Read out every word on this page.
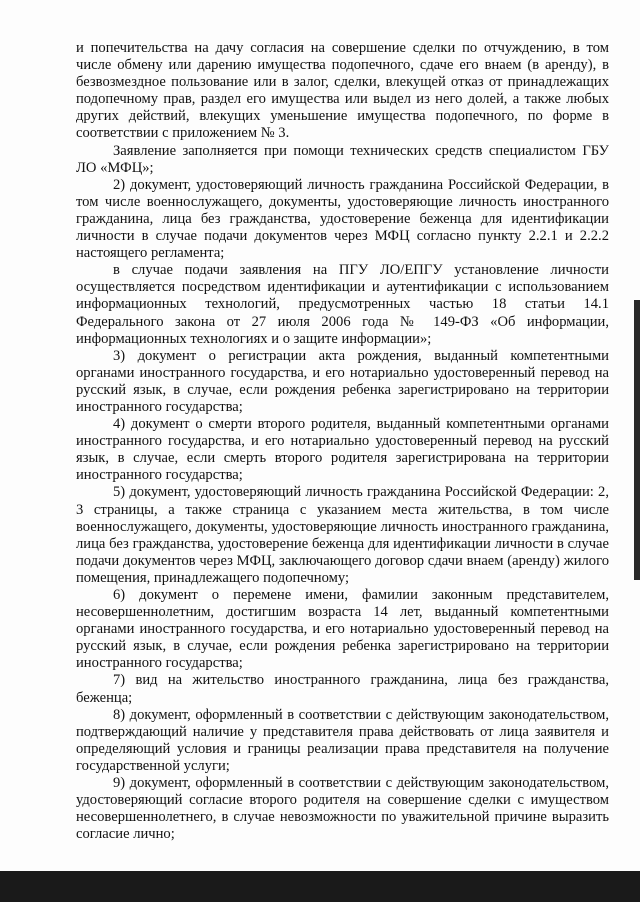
и попечительства на дачу согласия на совершение сделки по отчуждению, в том числе обмену или дарению имущества подопечного, сдаче его внаем (в аренду), в безвозмездное пользование или в залог, сделки, влекущей отказ от принадлежащих подопечному прав, раздел его имущества или выдел из него долей, а также любых других действий, влекущих уменьшение имущества подопечного, по форме в соответствии с приложением № 3.

Заявление заполняется при помощи технических средств специалистом ГБУ ЛО «МФЦ»;

2) документ, удостоверяющий личность гражданина Российской Федерации, в том числе военнослужащего, документы, удостоверяющие личность иностранного гражданина, лица без гражданства, удостоверение беженца для идентификации личности в случае подачи документов через МФЦ согласно пункту 2.2.1 и 2.2.2 настоящего регламента;

в случае подачи заявления на ПГУ ЛО/ЕПГУ установление личности осуществляется посредством идентификации и аутентификации с использованием информационных технологий, предусмотренных частью 18 статьи 14.1 Федерального закона от 27 июля 2006 года № 149-ФЗ «Об информации, информационных технологиях и о защите информации»;

3) документ о регистрации акта рождения, выданный компетентными органами иностранного государства, и его нотариально удостоверенный перевод на русский язык, в случае, если рождения ребенка зарегистрировано на территории иностранного государства;

4) документ о смерти второго родителя, выданный компетентными органами иностранного государства, и его нотариально удостоверенный перевод на русский язык, в случае, если смерть второго родителя зарегистрирована на территории иностранного государства;

5) документ, удостоверяющий личность гражданина Российской Федерации: 2, 3 страницы, а также страница с указанием места жительства, в том числе военнослужащего, документы, удостоверяющие личность иностранного гражданина, лица без гражданства, удостоверение беженца для идентификации личности в случае подачи документов через МФЦ, заключающего договор сдачи внаем (аренду) жилого помещения, принадлежащего подопечному;

6) документ о перемене имени, фамилии законным представителем, несовершеннолетним, достигшим возраста 14 лет, выданный компетентными органами иностранного государства, и его нотариально удостоверенный перевод на русский язык, в случае, если рождения ребенка зарегистрировано на территории иностранного государства;

7) вид на жительство иностранного гражданина, лица без гражданства, беженца;

8) документ, оформленный в соответствии с действующим законодательством, подтверждающий наличие у представителя права действовать от лица заявителя и определяющий условия и границы реализации права представителя на получение государственной услуги;

9) документ, оформленный в соответствии с действующим законодательством, удостоверяющий согласие второго родителя на совершение сделки с имуществом несовершеннолетнего, в случае невозможности по уважительной причине выразить согласие лично;
